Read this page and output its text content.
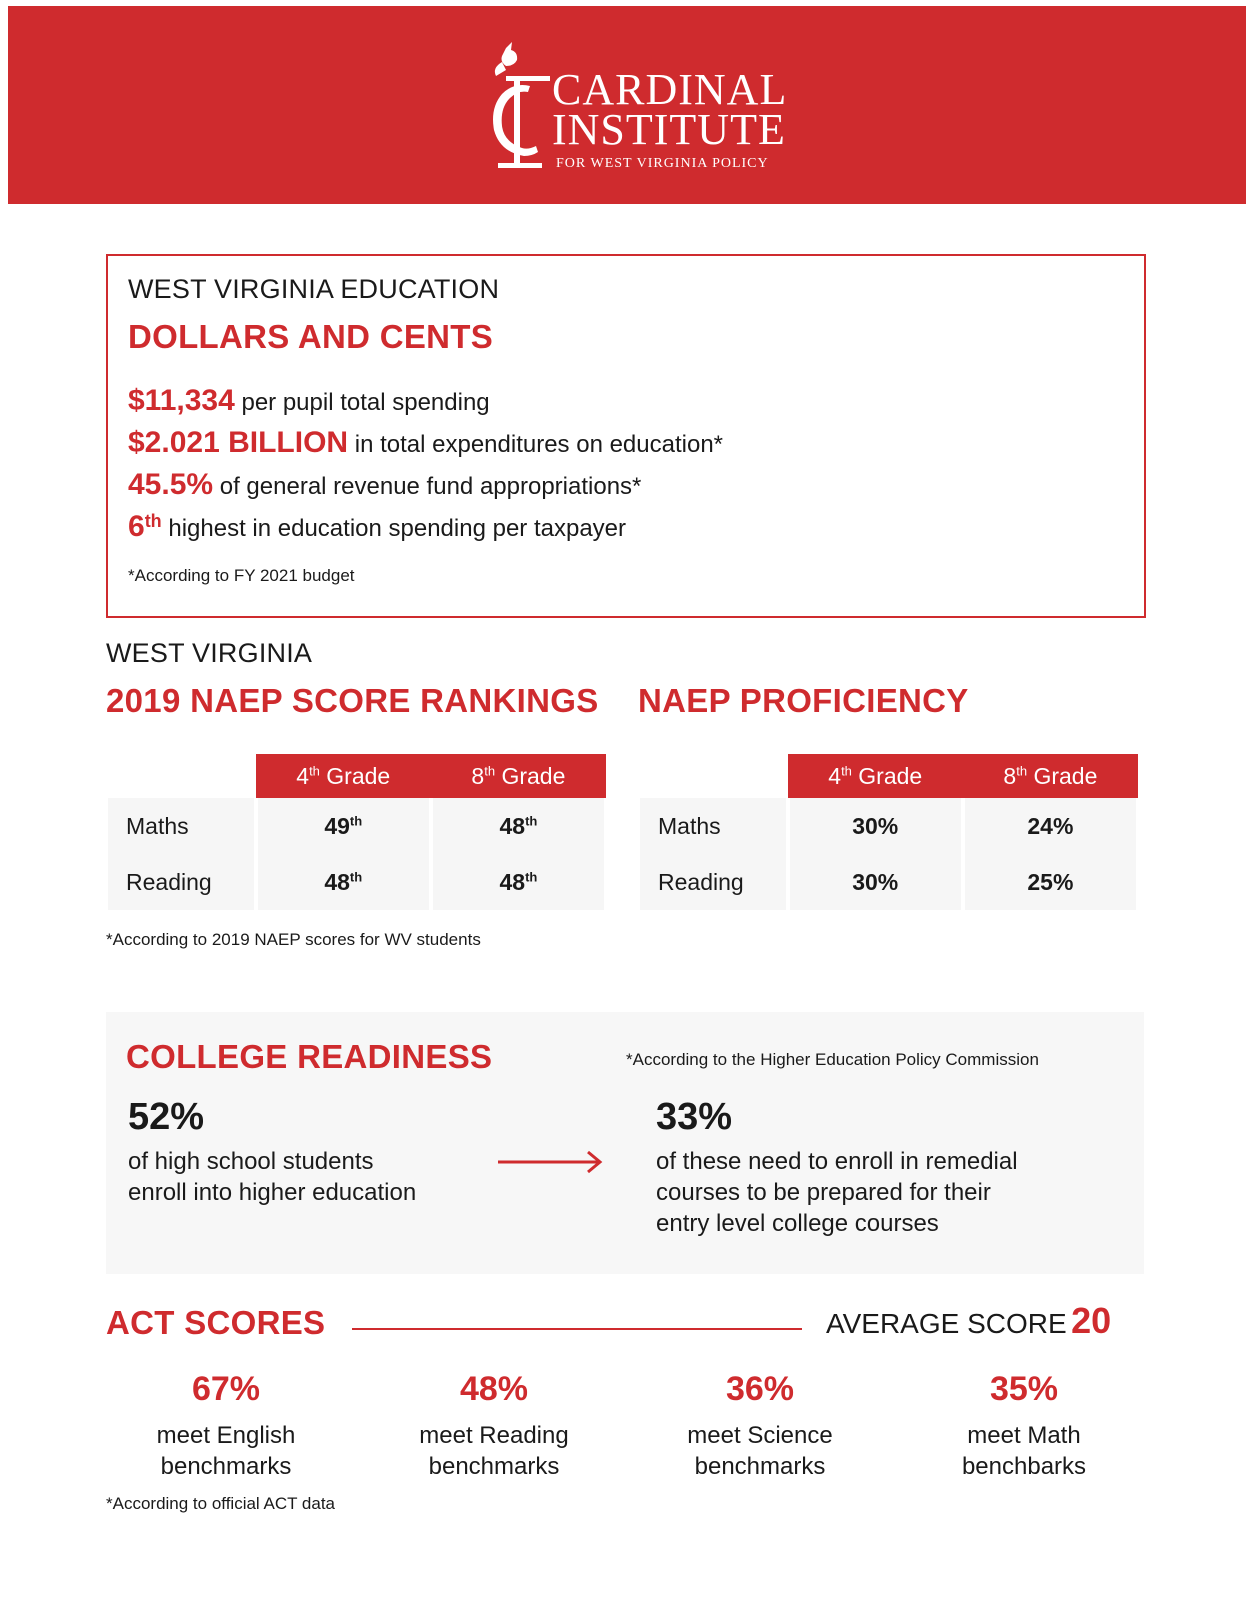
CARDINAL
INSTITUTE
FOR WEST VIRGINIA POLICY
WEST VIRGINIA EDUCATION
DOLLARS AND CENTS
$11,334 per pupil total spending
$2.021 BILLION in total expenditures on education*
45.5% of general revenue fund appropriations*
6th highest in education spending per taxpayer
*According to FY 2021 budget
WEST VIRGINIA
2019 NAEP SCORE RANKINGS NAEP PROFICIENCY
	4th Grade	8th Grade
Maths	49th	48th
Reading	48th	48th
	4th Grade	8th Grade
Maths	30%	24%
Reading	30%	25%
*According to 2019 NAEP scores for WV students
COLLEGE READINESS	*According to the Higher Education Policy Commission
52%
of high school students
enroll into higher education
33%
of these need to enroll in remedial
courses to be prepared for their
entry level college courses
ACT SCORES	AVERAGE SCORE 20
67%
meet English
benchmarks
48%
meet Reading
benchmarks
36%
meet Science
benchmarks
35%
meet Math
benchbarks
*According to official ACT data
